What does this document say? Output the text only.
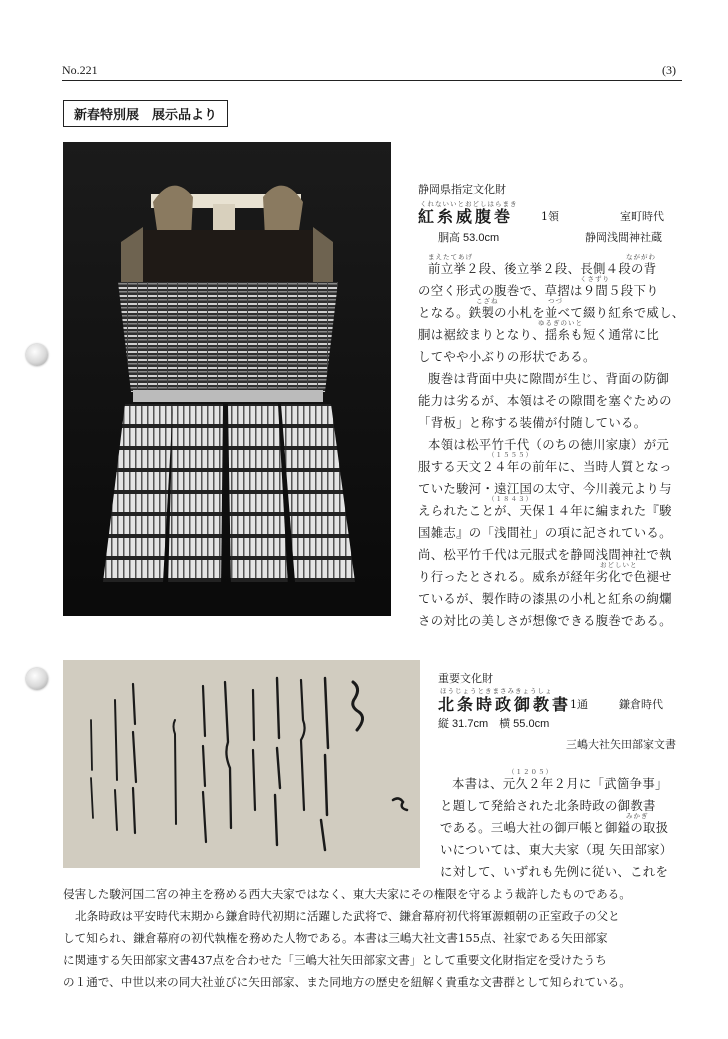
No.221	(3)
新春特別展　展示品より
静岡県指定文化財
くれないいとおどしはらまき
紅糸威腹巻	1領	室町時代
胴高 53.0cm	静岡浅間神社蔵
まえたてあげ	なががわ
くさずり
こざね	つづ
ゆるぎのいと
（１５５５）
（１８４３）
おどしいと
前立挙２段、後立挙２段、長側４段の背
の空く形式の腹巻で、草摺は９間５段下り
となる。鉄製の小札を並べて綴り紅糸で威し、
胴は裾絞まりとなり、揺糸も短く通常に比
してやや小ぶりの形状である。
腹巻は背面中央に隙間が生じ、背面の防御
能力は劣るが、本領はその隙間を塞ぐための
「背板」と称する装備が付随している。
本領は松平竹千代（のちの徳川家康）が元
服する天文２４年の前年に、当時人質となっ
ていた駿河・遠江国の太守、今川義元より与
えられたことが、天保１４年に編まれた『駿
国雑志』の「浅間社」の項に記されている。
尚、松平竹千代は元服式を静岡浅間神社で執
り行ったとされる。威糸が経年劣化で色褪せ
ているが、製作時の漆黒の小札と紅糸の絢爛
さの対比の美しさが想像できる腹巻である。
重要文化財
ほうじょうときまさみきょうしょ
北条時政御教書
1通	鎌倉時代
縦 31.7cm　横 55.0cm
三嶋大社矢田部家文書
（１２０５）
みかぎ
本書は、元久２年２月に「武箇争事」
と題して発給された北条時政の御教書
である。三嶋大社の御戸帳と御鎰の取扱
いについては、東大夫家（現 矢田部家）
に対して、いずれも先例に従い、これを
侵害した駿河国二宮の神主を務める西大夫家ではなく、東大夫家にその権限を守るよう裁許したものである。
北条時政は平安時代末期から鎌倉時代初期に活躍した武将で、鎌倉幕府初代将軍源頼朝の正室政子の父と
して知られ、鎌倉幕府の初代執権を務めた人物である。本書は三嶋大社文書155点、社家である矢田部家
に関連する矢田部家文書437点を合わせた「三嶋大社矢田部家文書」として重要文化財指定を受けたうち
の１通で、中世以来の同大社並びに矢田部家、また同地方の歴史を紐解く貴重な文書群として知られている。
